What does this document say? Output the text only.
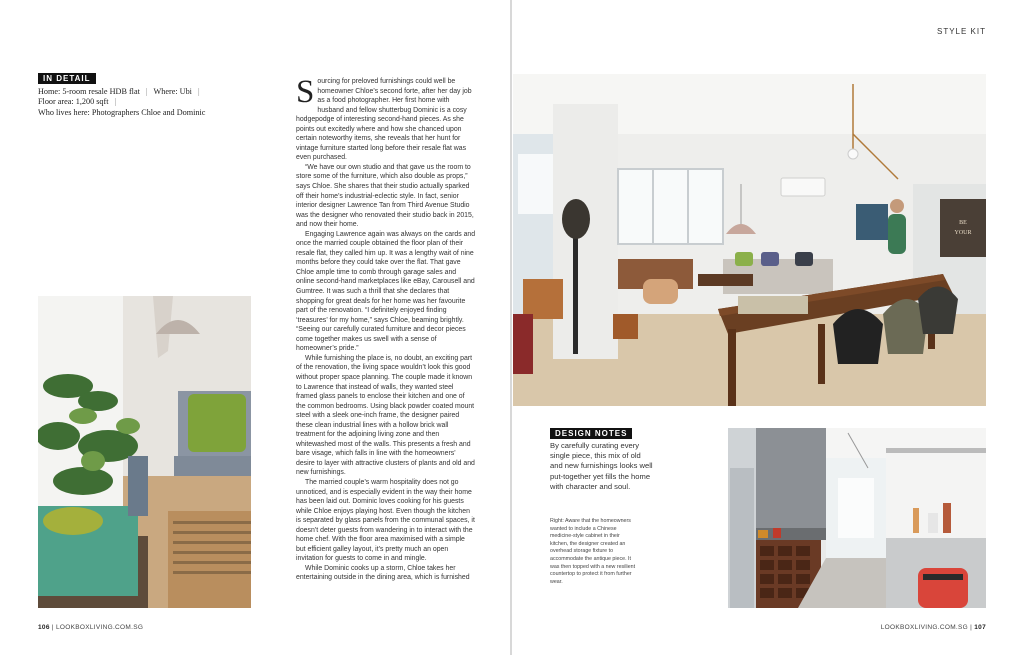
IN DETAIL
Home: 5-room resale HDB flat | Where: Ubi |
Floor area: 1,200 sqft |
Who lives here: Photographers Chloe and Dominic

Sourcing for preloved furnishings could well be homeowner Chloe’s second forte, after her day job as a food photographer. Her first home with husband and fellow shutterbug Dominic is a cosy hodgepodge of interesting second-hand pieces. As she points out excitedly where and how she chanced upon certain noteworthy items, she reveals that her hunt for vintage furniture started long before their resale flat was even purchased.

“We have our own studio and that gave us the room to store some of the furniture, which also double as props,” says Chloe. She shares that their studio actually sparked off their home’s industrial-eclectic style. In fact, senior interior designer Lawrence Tan from Third Avenue Studio was the designer who renovated their studio back in 2015, and now their home.

Engaging Lawrence again was always on the cards and once the married couple obtained the floor plan of their resale flat, they called him up. It was a lengthy wait of nine months before they could take over the flat. That gave Chloe ample time to comb through garage sales and online second-hand marketplaces like eBay, Carousell and Gumtree. It was such a thrill that she declares that shopping for great deals for her home was her favourite part of the renovation. “I definitely enjoyed finding ‘treasures’ for my home,” says Chloe, beaming brightly. “Seeing our carefully curated furniture and decor pieces come together makes us swell with a sense of homeowner’s pride.”

While furnishing the place is, no doubt, an exciting part of the renovation, the living space wouldn’t look this good without proper space planning. The couple made it known to Lawrence that instead of walls, they wanted steel framed glass panels to enclose their kitchen and one of the common bedrooms. Using black powder coated mount steel with a sleek one-inch frame, the designer paired these clean industrial lines with a hollow brick wall treatment for the adjoining living zone and then whitewashed most of the walls. This presents a fresh and bare visage, which falls in line with the homeowners’ desire to layer with attractive clusters of plants and old and new furnishings.

The married couple’s warm hospitality does not go unnoticed, and is especially evident in the way their home has been laid out. Dominic loves cooking for his guests while Chloe enjoys playing host. Even though the kitchen is separated by glass panels from the communal spaces, it doesn’t deter guests from wandering in to interact with the home chef. With the floor area maximised with a simple but efficient galley layout, it’s pretty much an open invitation for guests to come in and mingle.

While Dominic cooks up a storm, Chloe takes her entertaining outside in the dining area, which is furnished

106 | LOOKBOXLIVING.COM.SG
STYLE KIT
LOOKBOXLIVING.COM.SG | 107
BE
YOUR
DESIGN NOTES
By carefully curating every single piece, this mix of old and new furnishings looks well put-together yet fills the home with character and soul.
Right: Aware that the homeowners wanted to include a Chinese medicine-style cabinet in their kitchen, the designer created an overhead storage fixture to accommodate the antique piece. It was then topped with a new resilient countertop to protect it from further wear.
